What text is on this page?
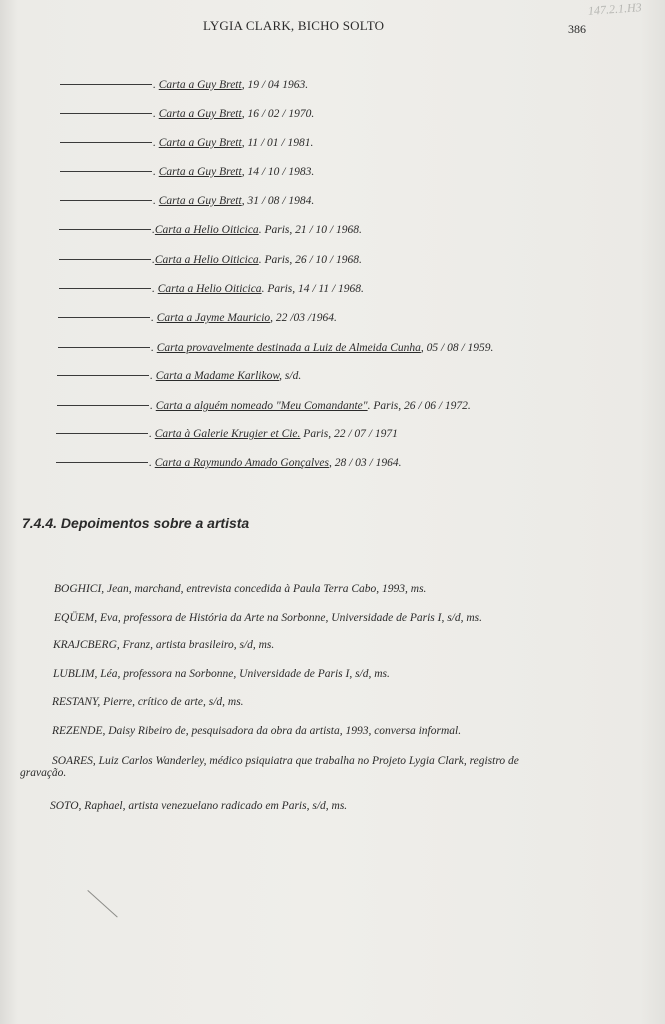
LYGIA CLARK, BICHO SOLTO	386
147.2.1.H3
. Carta a Guy Brett, 19 / 04 1963.
. Carta a Guy Brett, 16 / 02 / 1970.
. Carta a Guy Brett, 11 / 01 / 1981.
. Carta a Guy Brett, 14 / 10 / 1983.
. Carta a Guy Brett, 31 / 08 / 1984.
.Carta a Helio Oiticica. Paris, 21 / 10 / 1968.
.Carta a Helio Oiticica. Paris, 26 / 10 / 1968.
. Carta a Helio Oiticica. Paris, 14 / 11 / 1968.
. Carta a Jayme Mauricio, 22 /03 /1964.
. Carta provavelmente destinada a Luiz de Almeida Cunha, 05 / 08 / 1959.
. Carta a Madame Karlikow, s/d.
. Carta a alguém nomeado "Meu Comandante". Paris, 26 / 06 / 1972.
. Carta à Galerie Krugier et Cie. Paris, 22 / 07 / 1971
. Carta a Raymundo Amado Gonçalves, 28 / 03 / 1964.
7.4.4. Depoimentos sobre a artista
BOGHICI, Jean, marchand, entrevista concedida à Paula Terra Cabo, 1993, ms.
EQÜEM, Eva, professora de História da Arte na Sorbonne, Universidade de Paris I, s/d, ms.
KRAJCBERG, Franz, artista brasileiro, s/d, ms.
LUBLIM, Léa, professora na Sorbonne, Universidade de Paris I, s/d, ms.
RESTANY, Pierre, crítico de arte, s/d, ms.
REZENDE, Daisy Ribeiro de, pesquisadora da obra da artista, 1993, conversa informal.
SOARES, Luiz Carlos Wanderley, médico psiquiatra que trabalha no Projeto Lygia Clark, registro de gravação.
SOTO, Raphael, artista venezuelano radicado em Paris, s/d, ms.
